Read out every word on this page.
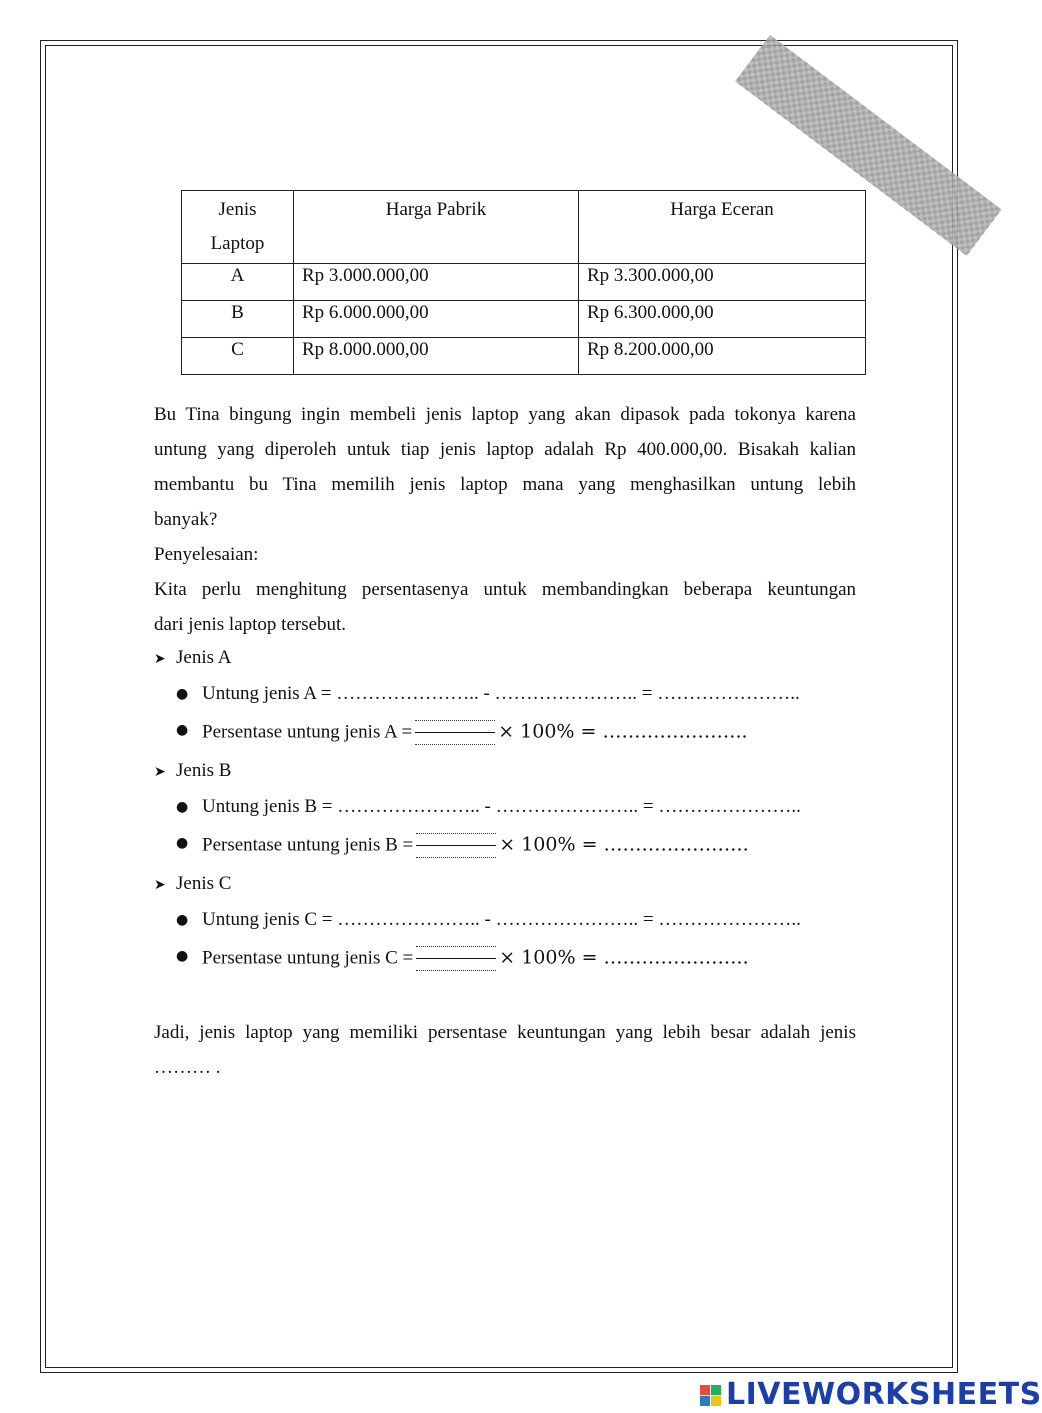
Jenis
Laptop	Harga Pabrik	Harga Eceran
A	Rp 3.000.000,00	Rp 3.300.000,00
B	Rp 6.000.000,00	Rp 6.300.000,00
C	Rp 8.000.000,00	Rp 8.200.000,00
Bu Tina bingung ingin membeli jenis laptop yang akan dipasok pada tokonya karena
untung yang diperoleh untuk tiap jenis laptop adalah Rp 400.000,00. Bisakah kalian
membantu bu Tina memilih jenis laptop mana yang menghasilkan untung lebih
banyak?
Penyelesaian:
Kita perlu menghitung persentasenya untuk membandingkan beberapa keuntungan
dari jenis laptop tersebut.
➤ Jenis A
● Untung jenis A = ………………….. - ………………….. = …………………..
● Persentase untung jenis A =	× 100% = …………………..
➤ Jenis B
● Untung jenis B = ………………….. - ………………….. = …………………..
● Persentase untung jenis B =	× 100% = …………………..
➤ Jenis C
● Untung jenis C = ………………….. - ………………….. = …………………..
● Persentase untung jenis C =	× 100% = …………………..
Jadi, jenis laptop yang memiliki persentase keuntungan yang lebih besar adalah jenis
……… .
LIVEWORKSHEETS
